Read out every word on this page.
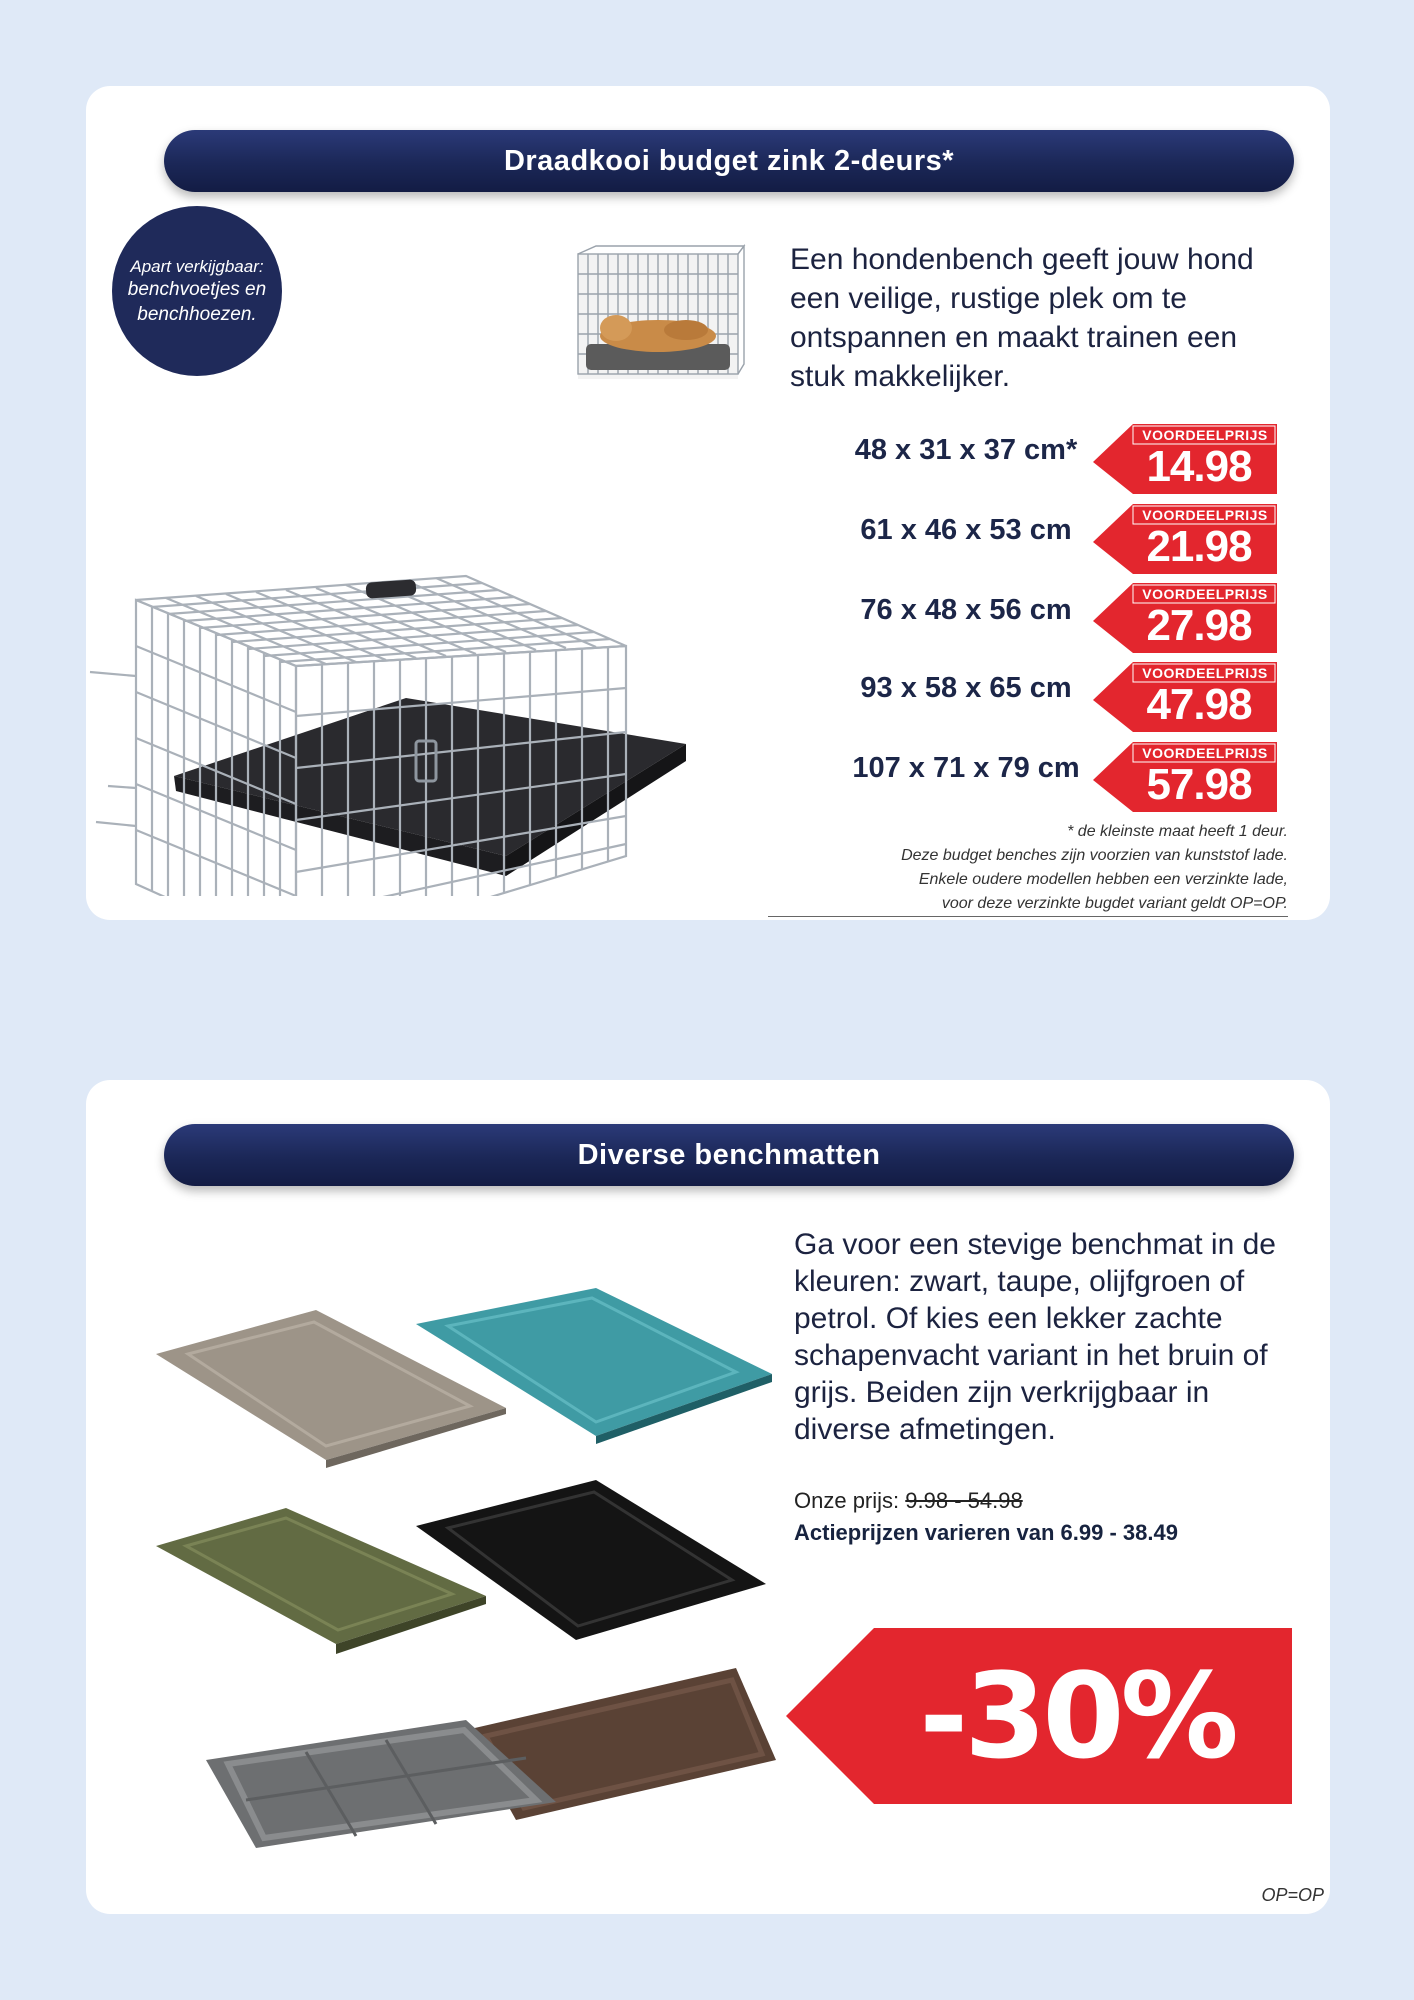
Draadkooi budget zink 2-deurs*
Apart verkijgbaar:
benchvoetjes en
benchhoezen.
Een hondenbench geeft jouw hond een veilige, rustige plek om te ontspannen en maakt trainen een stuk makkelijker.
48 x 31 x 37 cm*
61 x 46 x 53 cm
76 x 48 x 56 cm
93 x 58 x 65 cm
107 x 71 x 79 cm
VOORDEELPRIJS
14.98
VOORDEELPRIJS
21.98
VOORDEELPRIJS
27.98
VOORDEELPRIJS
47.98
VOORDEELPRIJS
57.98
* de kleinste maat heeft 1 deur.
Deze budget benches zijn voorzien van kunststof lade.
Enkele oudere modellen hebben een verzinkte lade,
voor deze verzinkte bugdet variant geldt OP=OP.
Diverse benchmatten
Ga voor een stevige benchmat in de kleuren: zwart, taupe, olijfgroen of petrol. Of kies een lekker zachte schapenvacht variant in het bruin of grijs. Beiden zijn verkrijgbaar in diverse afmetingen.
Onze prijs: 9.98 - 54.98
Actieprijzen varieren van 6.99 - 38.49
-30%
OP=OP
